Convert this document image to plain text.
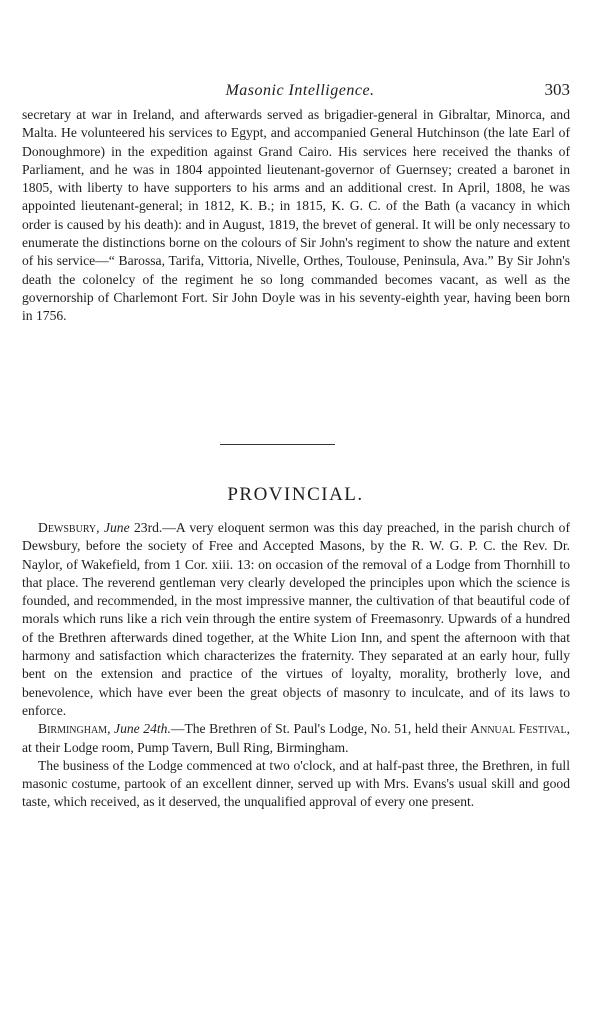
Masonic Intelligence.	303

secretary at war in Ireland, and afterwards served as brigadier-general in Gibraltar, Minorca, and Malta. He volunteered his services to Egypt, and accompanied General Hutchinson (the late Earl of Donoughmore) in the expedition against Grand Cairo. His services here received the thanks of Parliament, and he was in 1804 appointed lieutenant-governor of Guernsey; created a baronet in 1805, with liberty to have supporters to his arms and an additional crest. In April, 1808, he was appointed lieutenant-general; in 1812, K. B.; in 1815, K. G. C. of the Bath (a vacancy in which order is caused by his death): and in August, 1819, the brevet of general. It will be only necessary to enumerate the distinctions borne on the colours of Sir John's regiment to show the nature and extent of his service—“ Barossa, Tarifa, Vittoria, Nivelle, Orthes, Toulouse, Peninsula, Ava.” By Sir John's death the colonelcy of the regiment he so long commanded becomes vacant, as well as the governorship of Charlemont Fort. Sir John Doyle was in his seventy-eighth year, having been born in 1756.

PROVINCIAL.

Dewsbury, June 23rd.—A very eloquent sermon was this day preached, in the parish church of Dewsbury, before the society of Free and Accepted Masons, by the R. W. G. P. C. the Rev. Dr. Naylor, of Wakefield, from 1 Cor. xiii. 13: on occasion of the removal of a Lodge from Thornhill to that place. The reverend gentleman very clearly developed the principles upon which the science is founded, and recommended, in the most impressive manner, the cultivation of that beautiful code of morals which runs like a rich vein through the entire system of Freemasonry. Upwards of a hundred of the Brethren afterwards dined together, at the White Lion Inn, and spent the afternoon with that harmony and satisfaction which characterizes the fraternity. They separated at an early hour, fully bent on the extension and practice of the virtues of loyalty, morality, brotherly love, and benevolence, which have ever been the great objects of masonry to inculcate, and of its laws to enforce.

Birmingham, June 24th.—The Brethren of St. Paul's Lodge, No. 51, held their Annual Festival, at their Lodge room, Pump Tavern, Bull Ring, Birmingham.

The business of the Lodge commenced at two o'clock, and at half-past three, the Brethren, in full masonic costume, partook of an excellent dinner, served up with Mrs. Evans's usual skill and good taste, which received, as it deserved, the unqualified approval of every one present.
